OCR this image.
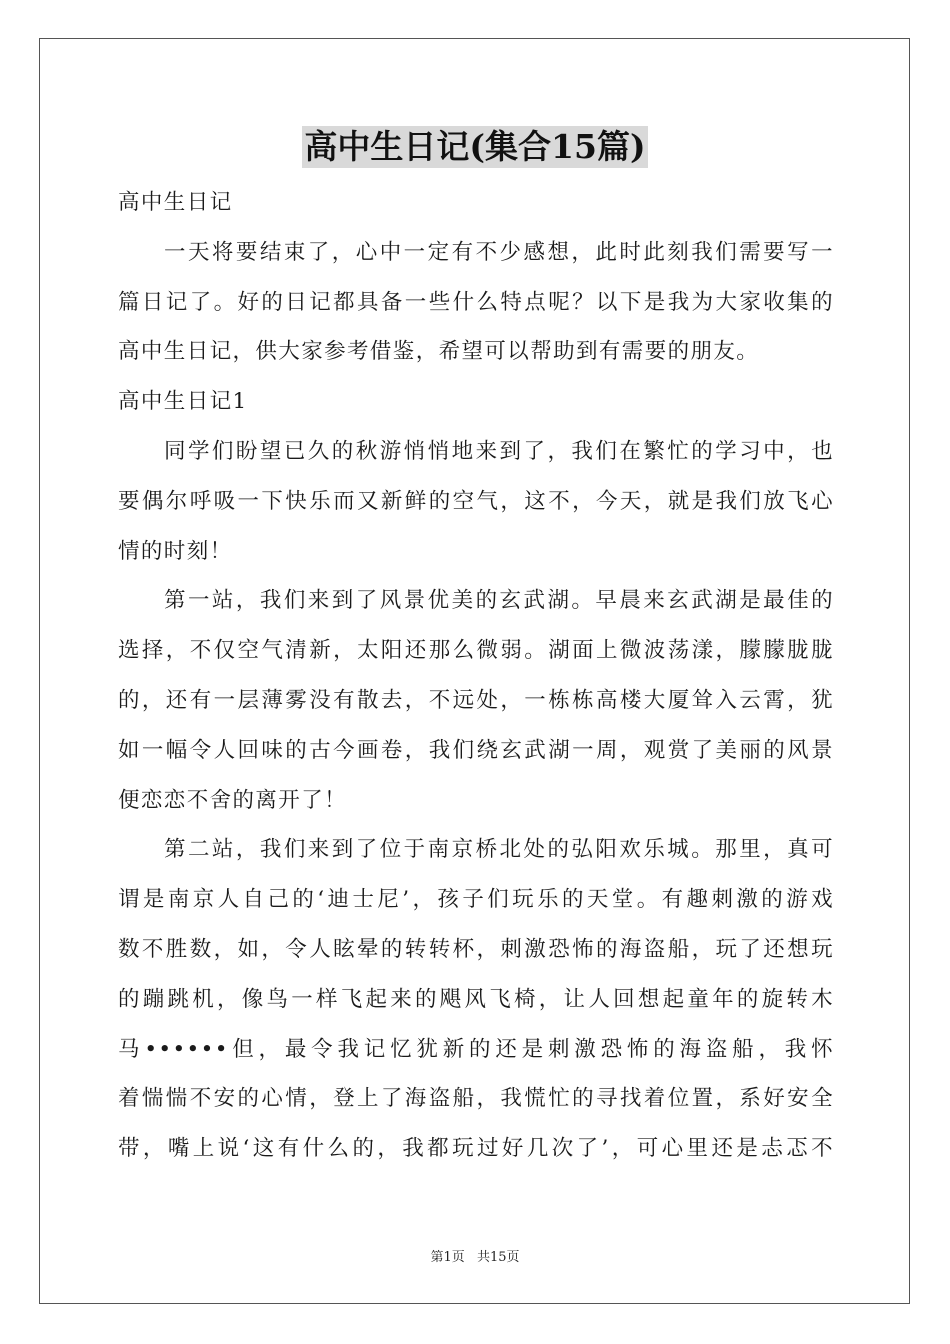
高中生日记(集合15篇)
高中生日记
一天将要结束了，心中一定有不少感想，此时此刻我们需要写一
篇日记了。好的日记都具备一些什么特点呢？以下是我为大家收集的
高中生日记，供大家参考借鉴，希望可以帮助到有需要的朋友。
高中生日记1
同学们盼望已久的秋游悄悄地来到了，我们在繁忙的学习中，也
要偶尔呼吸一下快乐而又新鲜的空气，这不，今天，就是我们放飞心
情的时刻！
第一站，我们来到了风景优美的玄武湖。早晨来玄武湖是最佳的
选择，不仅空气清新，太阳还那么微弱。湖面上微波荡漾，朦朦胧胧
的，还有一层薄雾没有散去，不远处，一栋栋高楼大厦耸入云霄，犹
如一幅令人回味的古今画卷，我们绕玄武湖一周，观赏了美丽的风景
便恋恋不舍的离开了！
第二站，我们来到了位于南京桥北处的弘阳欢乐城。那里，真可
谓是南京人自己的‘迪士尼’，孩子们玩乐的天堂。有趣刺激的游戏
数不胜数，如，令人眩晕的转转杯，刺激恐怖的海盗船，玩了还想玩
的蹦跳机，像鸟一样飞起来的飓风飞椅，让人回想起童年的旋转木
马••••••但，最令我记忆犹新的还是刺激恐怖的海盗船，我怀
着惴惴不安的心情，登上了海盗船，我慌忙的寻找着位置，系好安全
带，嘴上说‘这有什么的，我都玩过好几次了’，可心里还是忐忑不
第1页 共15页
